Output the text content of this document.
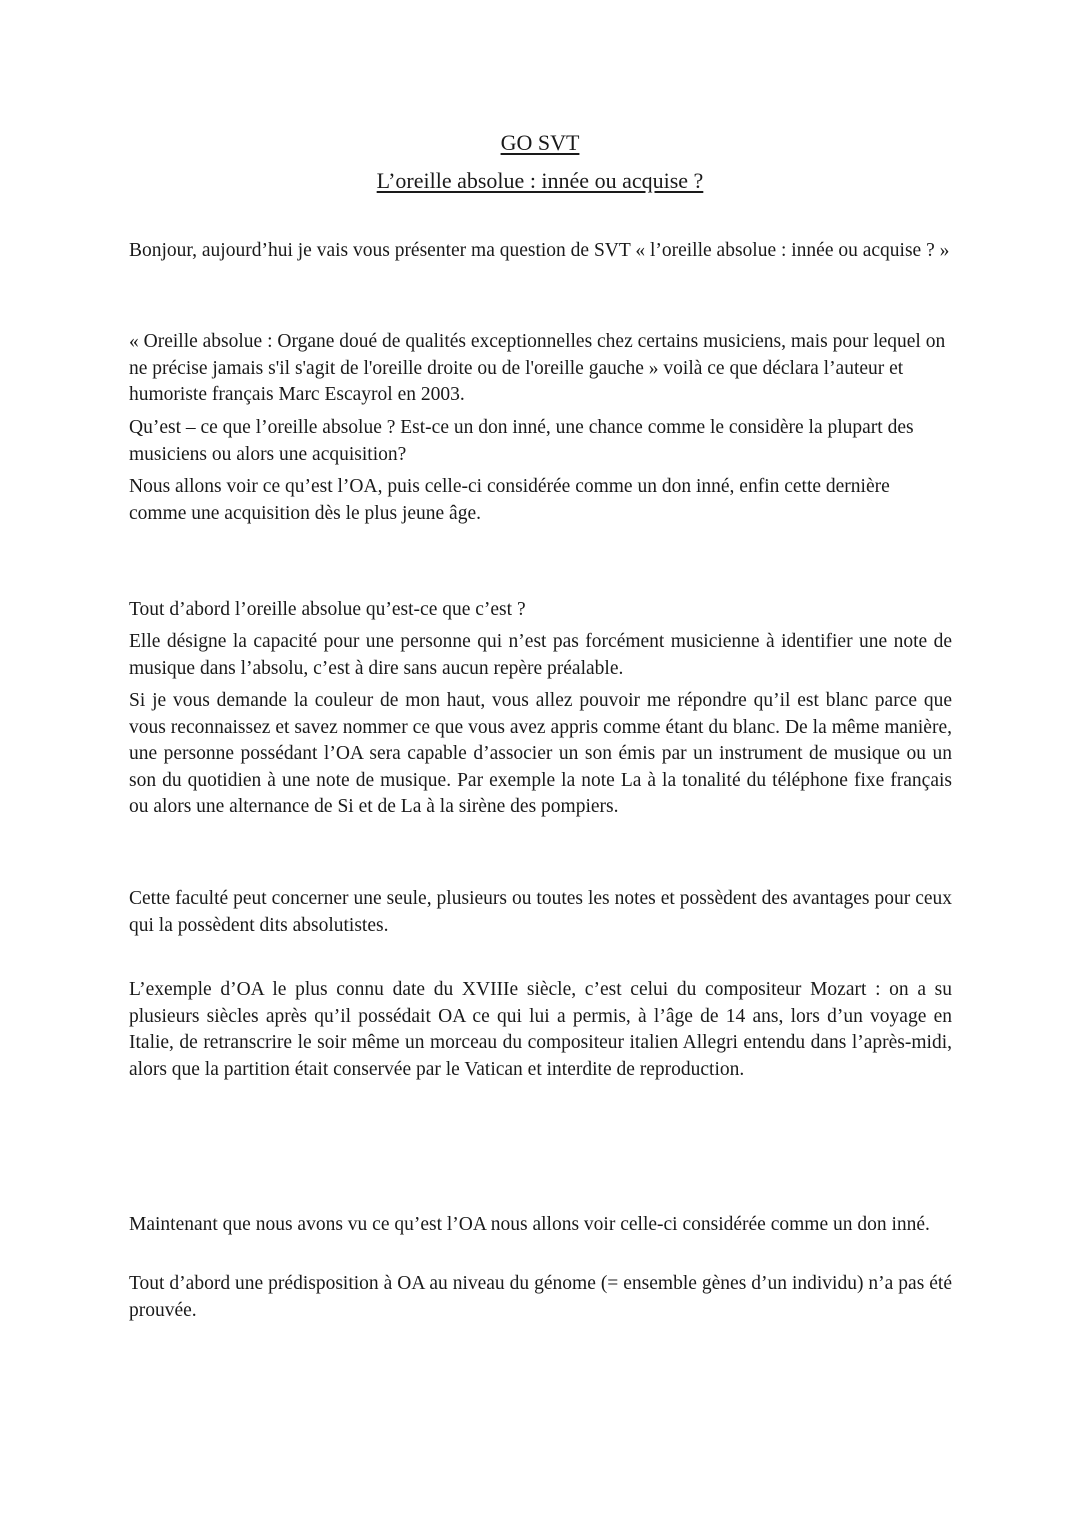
GO SVT
L’oreille absolue : innée ou acquise ?

Bonjour, aujourd’hui je vais vous présenter ma question de SVT « l’oreille absolue : innée ou acquise ? »

« Oreille absolue : Organe doué de qualités exceptionnelles chez certains musiciens, mais pour lequel on ne précise jamais s'il s'agit de l'oreille droite ou de l'oreille gauche » voilà ce que déclara l’auteur et humoriste français Marc Escayrol en 2003.

Qu’est – ce que l’oreille absolue ? Est-ce un don inné, une chance comme le considère la plupart des musiciens ou alors une acquisition?

Nous allons voir ce qu’est l’OA, puis celle-ci considérée comme un don inné, enfin cette dernière comme une acquisition dès le plus jeune âge.

Tout d’abord l’oreille absolue qu’est-ce que c’est ?

Elle désigne la capacité pour une personne qui n’est pas forcément musicienne à identifier une note de musique dans l’absolu, c’est à dire sans aucun repère préalable.

Si je vous demande la couleur de mon haut, vous allez pouvoir me répondre qu’il est blanc parce que vous reconnaissez et savez nommer ce que vous avez appris comme étant du blanc. De la même manière, une personne possédant l’OA sera capable d’associer un son émis par un instrument de musique ou un son du quotidien à une note de musique. Par exemple la note La à la tonalité du téléphone fixe français ou alors une alternance de Si et de La à la sirène des pompiers.

Cette faculté peut concerner une seule, plusieurs ou toutes les notes et possèdent des avantages pour ceux qui la possèdent dits absolutistes.

L’exemple d’OA le plus connu date du XVIIIe siècle, c’est celui du compositeur Mozart : on a su plusieurs siècles après qu’il possédait OA ce qui lui a permis, à l’âge de 14 ans, lors d’un voyage en Italie, de retranscrire le soir même un morceau du compositeur italien Allegri entendu dans l’après-midi, alors que la partition était conservée par le Vatican et interdite de reproduction.

Maintenant que nous avons vu ce qu’est l’OA nous allons voir celle-ci considérée comme un don inné.

Tout d’abord une prédisposition à OA au niveau du génome (= ensemble gènes d’un individu) n’a pas été prouvée.
